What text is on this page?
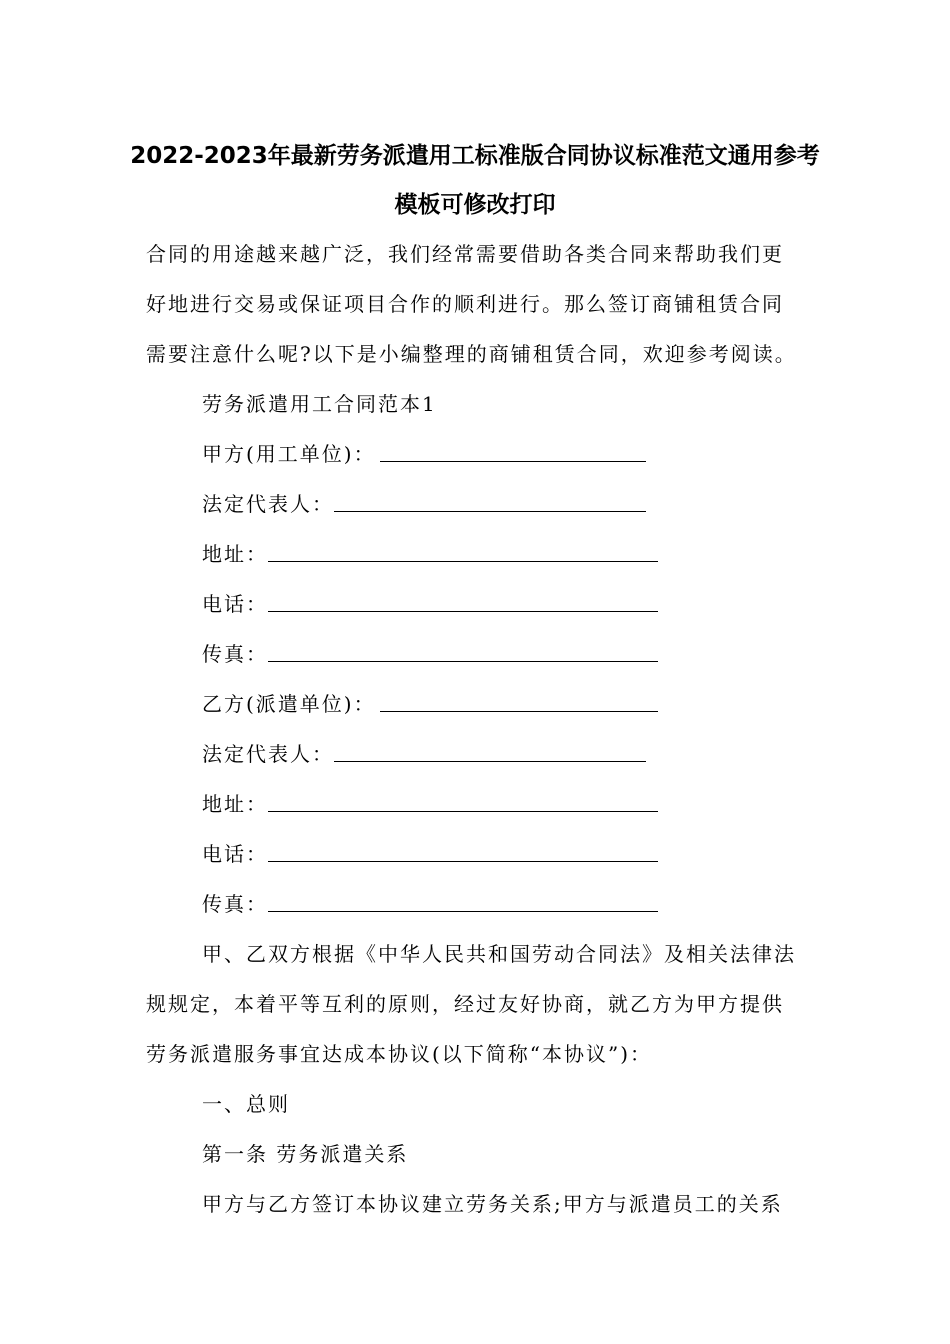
2022-2023年最新劳务派遣用工标准版合同协议标准范文通用参考
模板可修改打印
合同的用途越来越广泛，我们经常需要借助各类合同来帮助我们更
好地进行交易或保证项目合作的顺利进行。那么签订商铺租赁合同
需要注意什么呢?以下是小编整理的商铺租赁合同，欢迎参考阅读。
劳务派遣用工合同范本1
甲方(用工单位)：
法定代表人：
地址：
电话：
传真：
乙方(派遣单位)：
法定代表人：
地址：
电话：
传真：
甲、乙双方根据《中华人民共和国劳动合同法》及相关法律法
规规定，本着平等互利的原则，经过友好协商，就乙方为甲方提供
劳务派遣服务事宜达成本协议(以下简称“本协议”)：
一、总则
第一条 劳务派遣关系
甲方与乙方签订本协议建立劳务关系;甲方与派遣员工的关系
